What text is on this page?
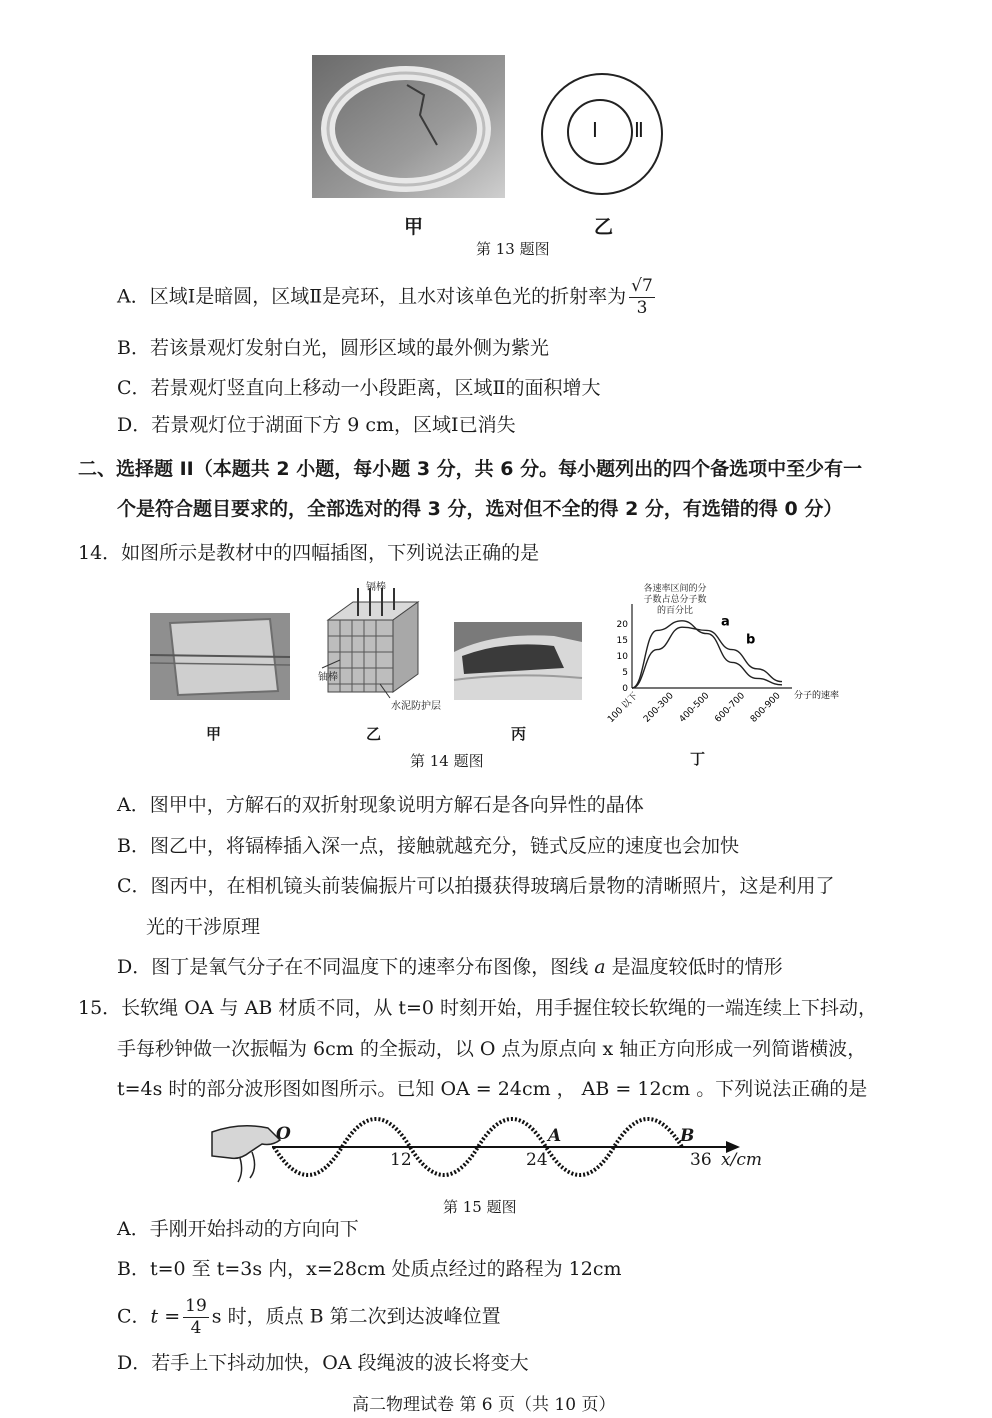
Ⅰ Ⅱ
甲	乙
第 13 题图
A．区域Ⅰ是暗圆，区域Ⅱ是亮环，且水对该单色光的折射率为 $\frac{√7}{3}$
B．若该景观灯发射白光，圆形区域的最外侧为紫光
C．若景观灯竖直向上移动一小段距离，区域Ⅱ的面积增大
D．若景观灯位于湖面下方 9 cm，区域Ⅰ已消失
二、选择题 II（本题共 2 小题，每小题 3 分，共 6 分。每小题列出的四个备选项中至少有一
个是符合题目要求的，全部选对的得 3 分，选对但不全的得 2 分，有选错的得 0 分）
14．如图所示是教材中的四幅插图，下列说法正确的是
镉棒
铀棒
水泥防护层
各速率区间的分子数占总分子数的百分比
0
5
10
15
20
100 以下 200-300 400-500 600-700 800-900 分子的速率
a
b
甲	乙	丙
丁
第 14 题图
A．图甲中，方解石的双折射现象说明方解石是各向异性的晶体
B．图乙中，将镉棒插入深一点，接触就越充分，链式反应的速度也会加快
C．图丙中，在相机镜头前装偏振片可以拍摄获得玻璃后景物的清晰照片，这是利用了
光的干涉原理
D．图丁是氧气分子在不同温度下的速率分布图像，图线 a 是温度较低时的情形
15．长软绳 OA 与 AB 材质不同，从 t=0 时刻开始，用手握住较长软绳的一端连续上下抖动，
手每秒钟做一次振幅为 6cm 的全振动，以 O 点为原点向 x 轴正方向形成一列简谐横波，
t=4s 时的部分波形图如图所示。已知 OA = 24cm ， AB = 12cm 。下列说法正确的是
O	A	B
12	24	36 x/cm
第 15 题图
A．手刚开始抖动的方向向下
B．t=0 至 t=3s 内，x=28cm 处质点经过的路程为 12cm
C．$t = \frac{19}{4}$ s 时，质点 B 第二次到达波峰位置
D．若手上下抖动加快，OA 段绳波的波长将变大
高二物理试卷 第 6 页（共 10 页）
